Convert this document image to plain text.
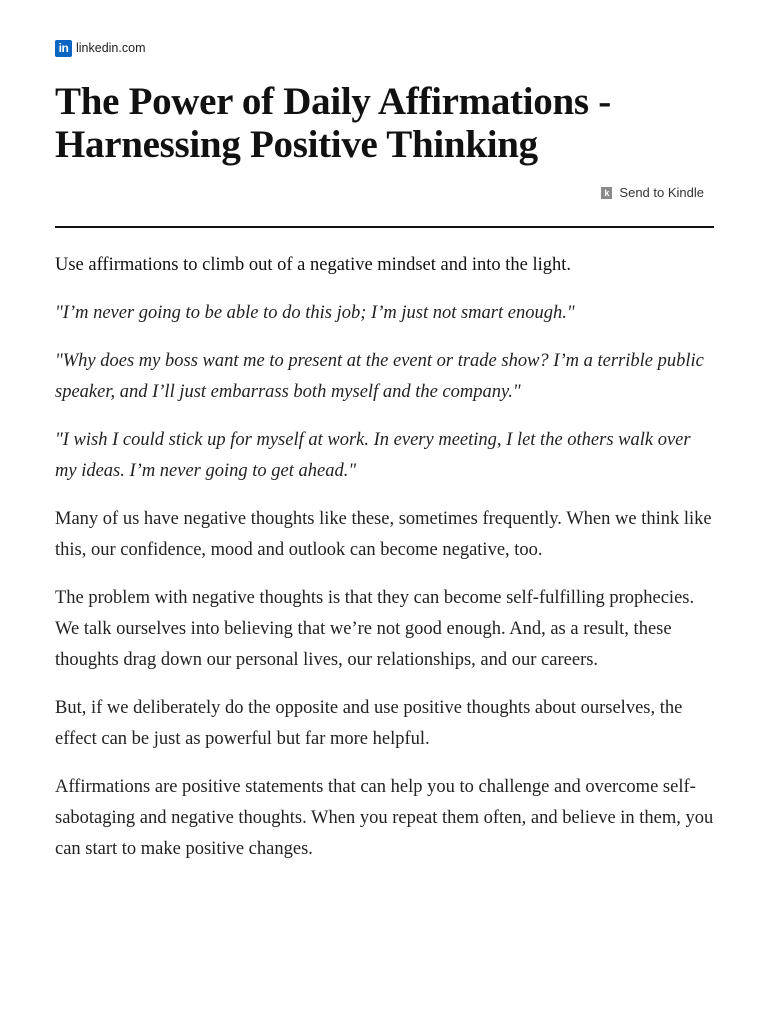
in linkedin.com
The Power of Daily Affirmations - Harnessing Positive Thinking
k Send to Kindle

Use affirmations to climb out of a negative mindset and into the light.

"I’m never going to be able to do this job; I’m just not smart enough."

"Why does my boss want me to present at the event or trade show? I’m a terrible public speaker, and I’ll just embarrass both myself and the company."

"I wish I could stick up for myself at work. In every meeting, I let the others walk over my ideas. I’m never going to get ahead."

Many of us have negative thoughts like these, sometimes frequently. When we think like this, our confidence, mood and outlook can become negative, too.

The problem with negative thoughts is that they can become self-fulfilling prophecies. We talk ourselves into believing that we’re not good enough. And, as a result, these thoughts drag down our personal lives, our relationships, and our careers.

But, if we deliberately do the opposite and use positive thoughts about ourselves, the effect can be just as powerful but far more helpful.

Affirmations are positive statements that can help you to challenge and overcome self-sabotaging and negative thoughts. When you repeat them often, and believe in them, you can start to make positive changes.
